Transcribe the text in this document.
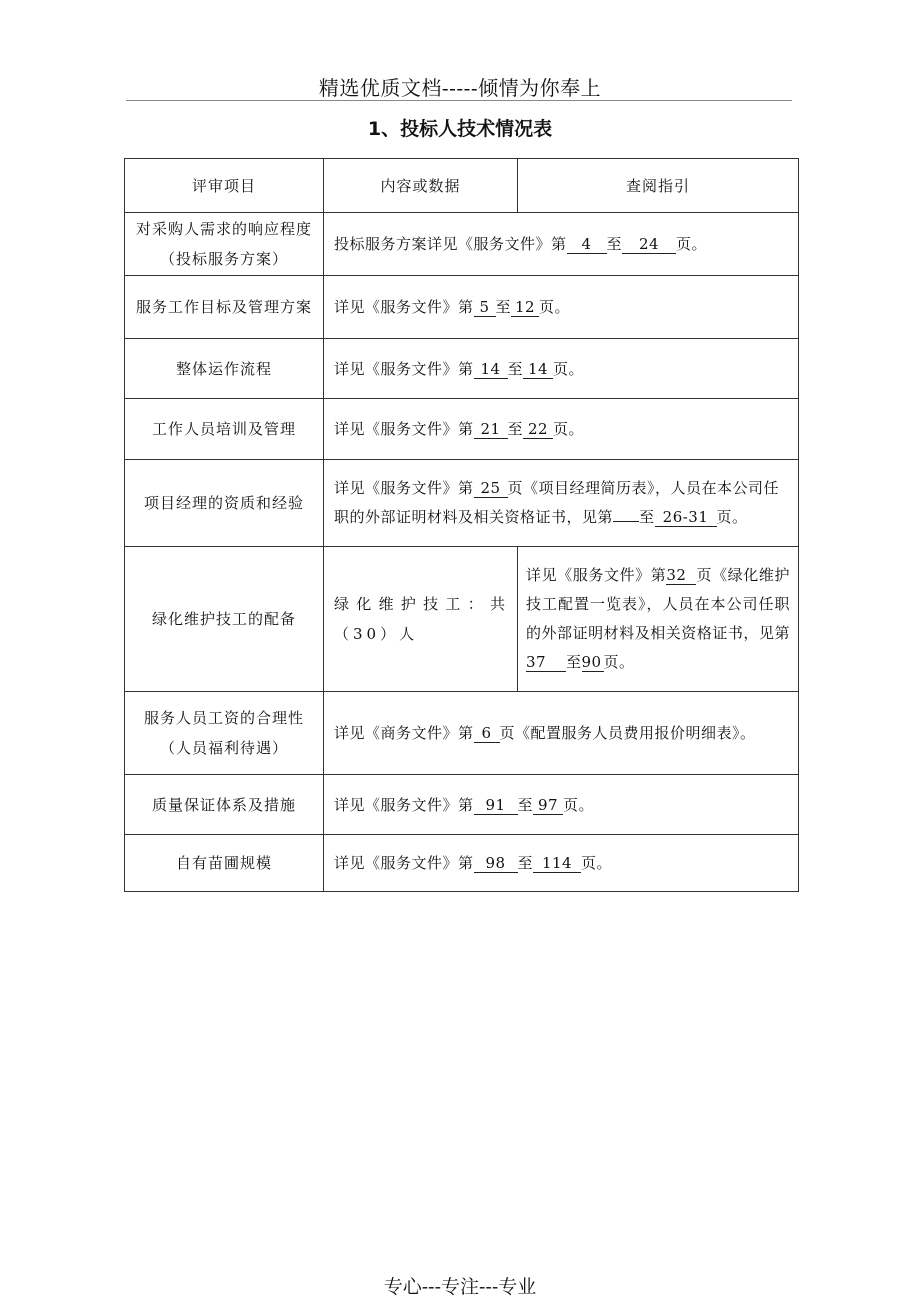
精选优质文档-----倾情为你奉上
1、投标人技术情况表
评审项目	内容或数据	查阅指引
对采购人需求的响应程度（投标服务方案）	投标服务方案详见《服务文件》第 4 至 24 页。	
服务工作目标及管理方案	详见《服务文件》第 5 至 12 页。	
整体运作流程	详见《服务文件》第 14 至 14 页。	
工作人员培训及管理	详见《服务文件》第 21 至 22 页。	
项目经理的资质和经验	详见《服务文件》第 25 页《项目经理简历表》，人员在本公司任职的外部证明材料及相关资格证书，见第 至 26-31 页。	
绿化维护技工的配备	绿化维护技工：共（30）人	详见《服务文件》第32 页《绿化维护技工配置一览表》，人员在本公司任职的外部证明材料及相关资格证书，见第37 至90 页。
服务人员工资的合理性（人员福利待遇）	详见《商务文件》第 6 页《配置服务人员费用报价明细表》。	
质量保证体系及措施	详见《服务文件》第 91 至 97 页。	
自有苗圃规模	详见《服务文件》第 98 至 114 页。	
专心---专注---专业
